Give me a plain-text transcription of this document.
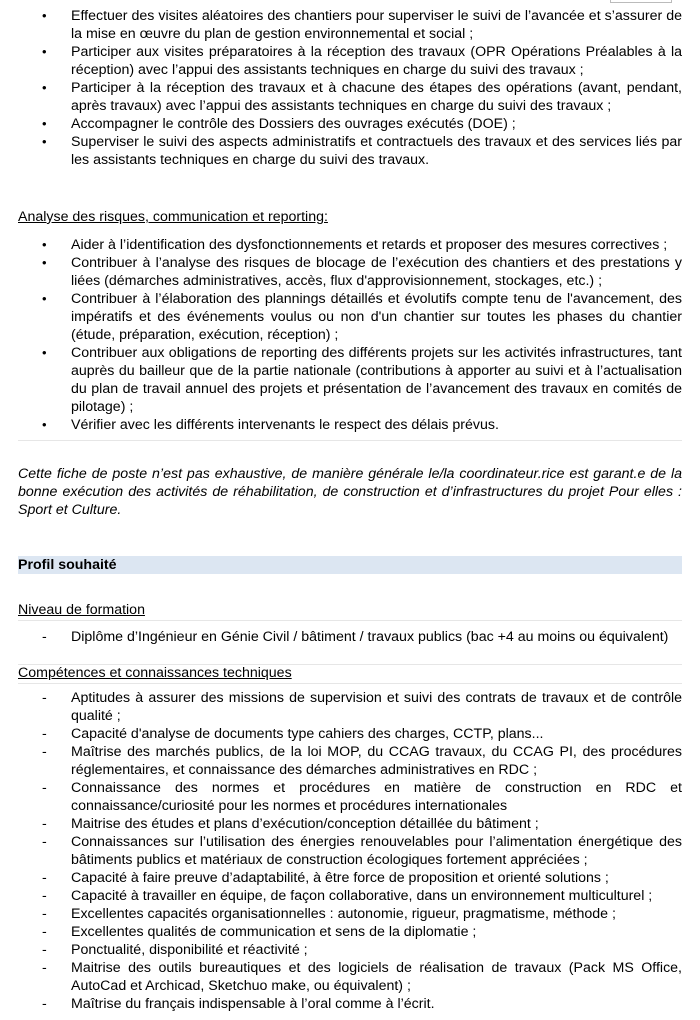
• Effectuer des visites aléatoires des chantiers pour superviser le suivi de l’avancée et s’assurer de la mise en œuvre du plan de gestion environnemental et social ;
• Participer aux visites préparatoires à la réception des travaux (OPR Opérations Préalables à la réception) avec l’appui des assistants techniques en charge du suivi des travaux ;
• Participer à la réception des travaux et à chacune des étapes des opérations (avant, pendant, après travaux) avec l’appui des assistants techniques en charge du suivi des travaux ;
• Accompagner le contrôle des Dossiers des ouvrages exécutés (DOE) ;
• Superviser le suivi des aspects administratifs et contractuels des travaux et des services liés par les assistants techniques en charge du suivi des travaux.
Analyse des risques, communication et reporting:
• Aider à l’identification des dysfonctionnements et retards et proposer des mesures correctives ;
• Contribuer à l’analyse des risques de blocage de l’exécution des chantiers et des prestations y liées (démarches administratives, accès, flux d'approvisionnement, stockages, etc.) ;
• Contribuer à l’élaboration des plannings détaillés et évolutifs compte tenu de l'avancement, des impératifs et des événements voulus ou non d'un chantier sur toutes les phases du chantier (étude, préparation, exécution, réception) ;
• Contribuer aux obligations de reporting des différents projets sur les activités infrastructures, tant auprès du bailleur que de la partie nationale (contributions à apporter au suivi et à l’actualisation du plan de travail annuel des projets et présentation de l’avancement des travaux en comités de pilotage) ;
• Vérifier avec les différents intervenants le respect des délais prévus.
Cette fiche de poste n’est pas exhaustive, de manière générale le/la coordinateur.rice est garant.e de la bonne exécution des activités de réhabilitation, de construction et d’infrastructures du projet Pour elles : Sport et Culture.
Profil souhaité
Niveau de formation
- Diplôme d’Ingénieur en Génie Civil / bâtiment / travaux publics (bac +4 au moins ou équivalent)
Compétences et connaissances techniques
- Aptitudes à assurer des missions de supervision et suivi des contrats de travaux et de contrôle qualité ;
- Capacité d'analyse de documents type cahiers des charges, CCTP, plans...
- Maîtrise des marchés publics, de la loi MOP, du CCAG travaux, du CCAG PI, des procédures réglementaires, et connaissance des démarches administratives en RDC ;
- Connaissance des normes et procédures en matière de construction en RDC et connaissance/curiosité pour les normes et procédures internationales
- Maitrise des études et plans d’exécution/conception détaillée du bâtiment ;
- Connaissances sur l’utilisation des énergies renouvelables pour l’alimentation énergétique des bâtiments publics et matériaux de construction écologiques fortement appréciées ;
- Capacité à faire preuve d’adaptabilité, à être force de proposition et orienté solutions ;
- Capacité à travailler en équipe, de façon collaborative, dans un environnement multiculturel ;
- Excellentes capacités organisationnelles : autonomie, rigueur, pragmatisme, méthode ;
- Excellentes qualités de communication et sens de la diplomatie ;
- Ponctualité, disponibilité et réactivité ;
- Maitrise des outils bureautiques et des logiciels de réalisation de travaux (Pack MS Office, AutoCad et Archicad, Sketchuo make, ou équivalent) ;
- Maîtrise du français indispensable à l’oral comme à l’écrit.
